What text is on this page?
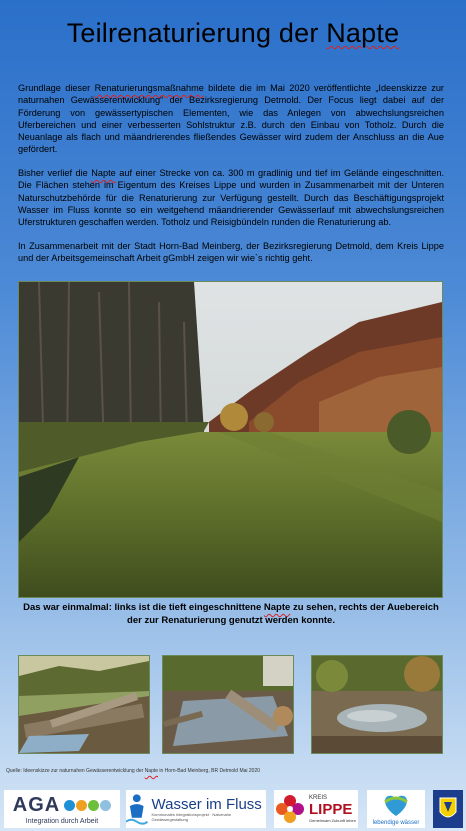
Teilrenaturierung der Napte

Grundlage dieser Renaturierungsmaßnahme bildete die im Mai 2020 veröffentlichte „Ideenskizze zur naturnahen Gewässerentwicklung“ der Bezirksregierung Detmold. Der Focus liegt dabei auf der Förderung von gewässertypischen Elementen, wie das Anlegen von abwechslungsreichen Uferbereichen und einer verbesserten Sohlstruktur z.B. durch den Einbau von Totholz. Durch die Neuanlage als flach und mäandrierendes fließendes Gewässer wird zudem der Anschluss an die Aue gefördert.

Bisher verlief die Napte auf einer Strecke von ca. 300 m gradlinig und tief im Gelände eingeschnitten. Die Flächen stehen im Eigentum des Kreises Lippe und wurden in Zusammenarbeit mit der Unteren Naturschutzbehörde für die Renaturierung zur Verfügung gestellt. Durch das Beschäftigungsprojekt Wasser im Fluss konnte so ein weitgehend mäandrierender Gewässerlauf mit abwechslungsreichen Uferstrukturen geschaffen werden. Totholz und Reisigbündeln runden die Renaturierung ab.

In Zusammenarbeit mit der Stadt Horn-Bad Meinberg, der Bezirksregierung Detmold, dem Kreis Lippe und der Arbeitsgemeinschaft Arbeit gGmbH zeigen wir wie`s richtig geht.

Das war einmalmal: links ist die tieft eingeschnittene Napte zu sehen, rechts der Auebereich der zur Renaturierung genutzt werden konnte.
Quelle: Ideenskizze zur naturnahen Gewässerentwicklung der Napte in Horn-Bad Meinberg, BR Detmold Mai 2020
AGA
Integration durch Arbeit
Wasser im Fluss
Kommunales Integrationsprojekt · Naturnahe Gewässergestaltung
KREIS
LIPPE
Gemeinsam Zukunft leben	lebendige wässer
